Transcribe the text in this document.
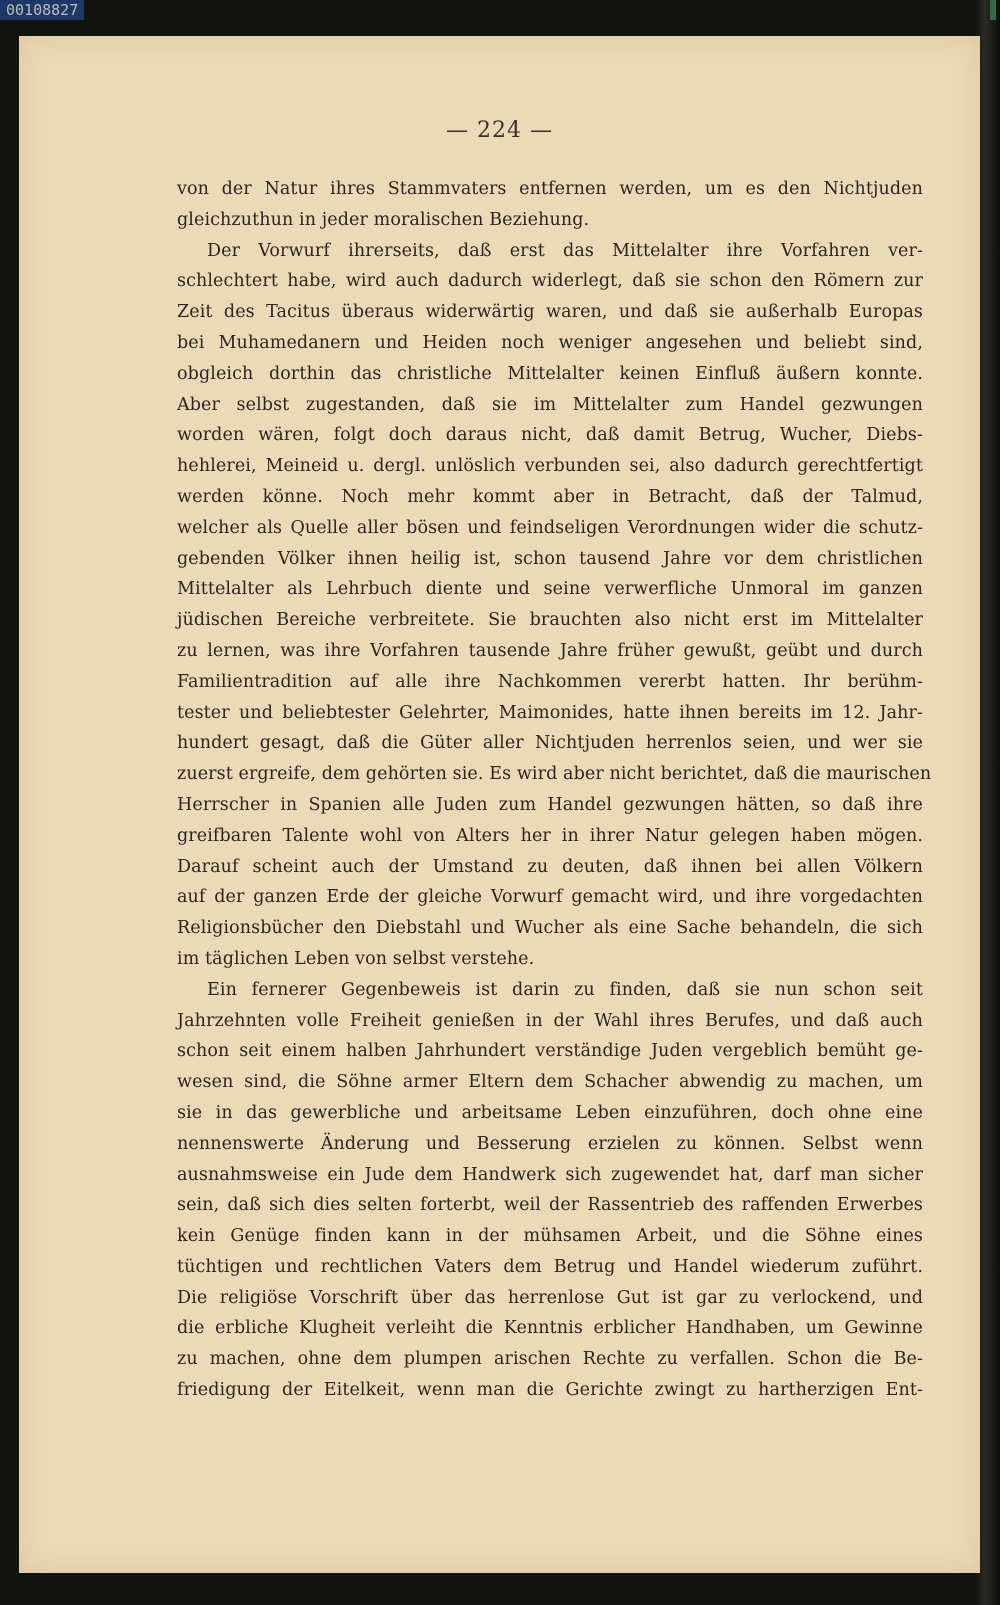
00108827
— 224 —
von der Natur ihres Stammvaters entfernen werden, um es den Nichtjuden
gleichzuthun in jeder moralischen Beziehung.
Der Vorwurf ihrerseits, daß erst das Mittelalter ihre Vorfahren ver-
schlechtert habe, wird auch dadurch widerlegt, daß sie schon den Römern zur
Zeit des Tacitus überaus widerwärtig waren, und daß sie außerhalb Europas
bei Muhamedanern und Heiden noch weniger angesehen und beliebt sind,
obgleich dorthin das christliche Mittelalter keinen Einfluß äußern konnte.
Aber selbst zugestanden, daß sie im Mittelalter zum Handel gezwungen
worden wären, folgt doch daraus nicht, daß damit Betrug, Wucher, Diebs-
hehlerei, Meineid u. dergl. unlöslich verbunden sei, also dadurch gerechtfertigt
werden könne. Noch mehr kommt aber in Betracht, daß der Talmud,
welcher als Quelle aller bösen und feindseligen Verordnungen wider die schutz-
gebenden Völker ihnen heilig ist, schon tausend Jahre vor dem christlichen
Mittelalter als Lehrbuch diente und seine verwerfliche Unmoral im ganzen
jüdischen Bereiche verbreitete. Sie brauchten also nicht erst im Mittelalter
zu lernen, was ihre Vorfahren tausende Jahre früher gewußt, geübt und durch
Familientradition auf alle ihre Nachkommen vererbt hatten. Ihr berühm-
tester und beliebtester Gelehrter, Maimonides, hatte ihnen bereits im 12. Jahr-
hundert gesagt, daß die Güter aller Nichtjuden herrenlos seien, und wer sie
zuerst ergreife, dem gehörten sie. Es wird aber nicht berichtet, daß die maurischen
Herrscher in Spanien alle Juden zum Handel gezwungen hätten, so daß ihre
greifbaren Talente wohl von Alters her in ihrer Natur gelegen haben mögen.
Darauf scheint auch der Umstand zu deuten, daß ihnen bei allen Völkern
auf der ganzen Erde der gleiche Vorwurf gemacht wird, und ihre vorgedachten
Religionsbücher den Diebstahl und Wucher als eine Sache behandeln, die sich
im täglichen Leben von selbst verstehe.
Ein fernerer Gegenbeweis ist darin zu finden, daß sie nun schon seit
Jahrzehnten volle Freiheit genießen in der Wahl ihres Berufes, und daß auch
schon seit einem halben Jahrhundert verständige Juden vergeblich bemüht ge-
wesen sind, die Söhne armer Eltern dem Schacher abwendig zu machen, um
sie in das gewerbliche und arbeitsame Leben einzuführen, doch ohne eine
nennenswerte Änderung und Besserung erzielen zu können. Selbst wenn
ausnahmsweise ein Jude dem Handwerk sich zugewendet hat, darf man sicher
sein, daß sich dies selten forterbt, weil der Rassentrieb des raffenden Erwerbes
kein Genüge finden kann in der mühsamen Arbeit, und die Söhne eines
tüchtigen und rechtlichen Vaters dem Betrug und Handel wiederum zuführt.
Die religiöse Vorschrift über das herrenlose Gut ist gar zu verlockend, und
die erbliche Klugheit verleiht die Kenntnis erblicher Handhaben, um Gewinne
zu machen, ohne dem plumpen arischen Rechte zu verfallen. Schon die Be-
friedigung der Eitelkeit, wenn man die Gerichte zwingt zu hartherzigen Ent-
